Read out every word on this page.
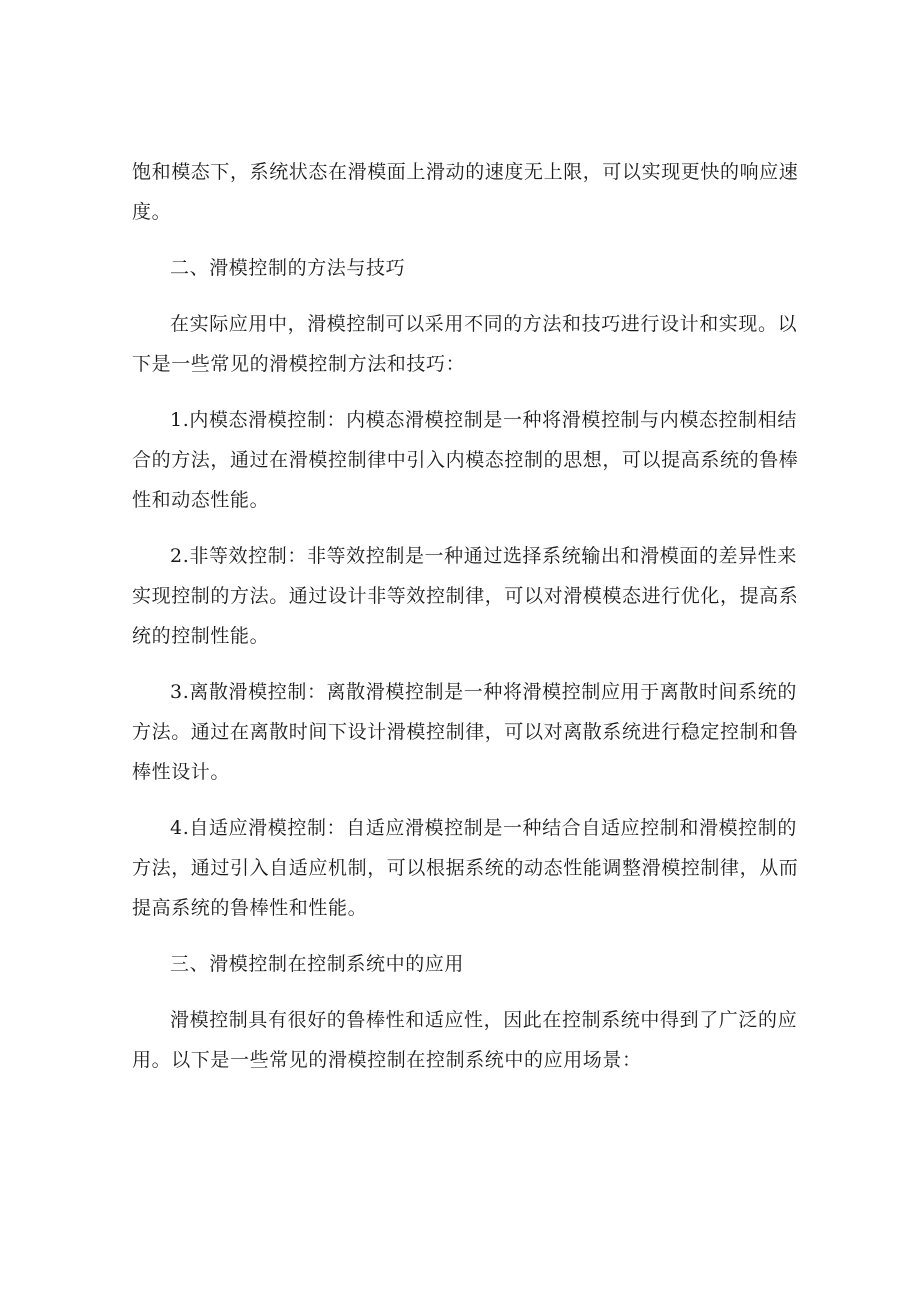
饱和模态下，系统状态在滑模面上滑动的速度无上限，可以实现更快的响应速度。

二、滑模控制的方法与技巧

在实际应用中，滑模控制可以采用不同的方法和技巧进行设计和实现。以下是一些常见的滑模控制方法和技巧：

1.内模态滑模控制：内模态滑模控制是一种将滑模控制与内模态控制相结合的方法，通过在滑模控制律中引入内模态控制的思想，可以提高系统的鲁棒性和动态性能。

2.非等效控制：非等效控制是一种通过选择系统输出和滑模面的差异性来实现控制的方法。通过设计非等效控制律，可以对滑模模态进行优化，提高系统的控制性能。

3.离散滑模控制：离散滑模控制是一种将滑模控制应用于离散时间系统的方法。通过在离散时间下设计滑模控制律，可以对离散系统进行稳定控制和鲁棒性设计。

4.自适应滑模控制：自适应滑模控制是一种结合自适应控制和滑模控制的方法，通过引入自适应机制，可以根据系统的动态性能调整滑模控制律，从而提高系统的鲁棒性和性能。

三、滑模控制在控制系统中的应用

滑模控制具有很好的鲁棒性和适应性，因此在控制系统中得到了广泛的应用。以下是一些常见的滑模控制在控制系统中的应用场景：
